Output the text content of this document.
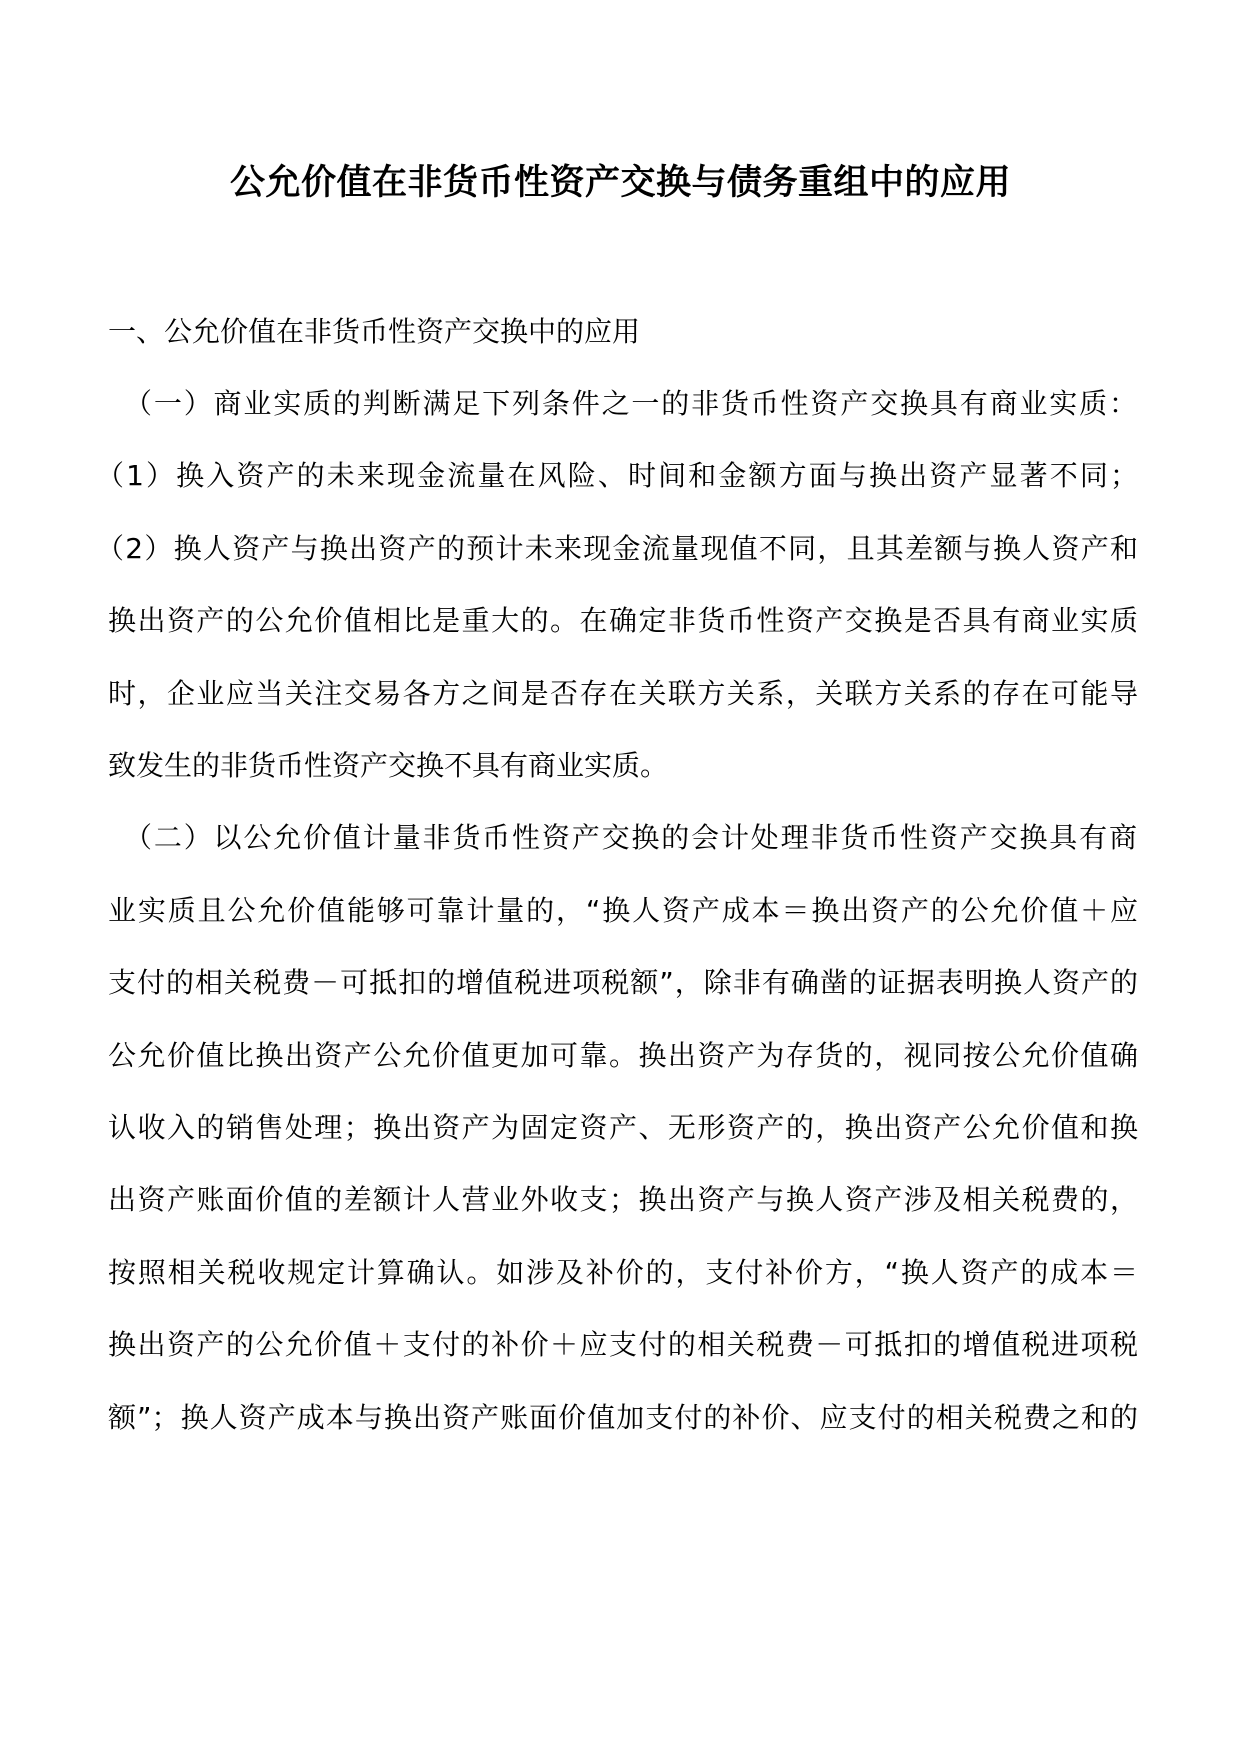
公允价值在非货币性资产交换与债务重组中的应用

一、公允价值在非货币性资产交换中的应用

（一）商业实质的判断满足下列条件之一的非货币性资产交换具有商业实质：

（1）换入资产的未来现金流量在风险、时间和金额方面与换出资产显著不同；

（2）换人资产与换出资产的预计未来现金流量现值不同，且其差额与换人资产和

换出资产的公允价值相比是重大的。在确定非货币性资产交换是否具有商业实质

时，企业应当关注交易各方之间是否存在关联方关系，关联方关系的存在可能导

致发生的非货币性资产交换不具有商业实质。

（二）以公允价值计量非货币性资产交换的会计处理非货币性资产交换具有商

业实质且公允价值能够可靠计量的，“换人资产成本＝换出资产的公允价值＋应

支付的相关税费－可抵扣的增值税进项税额”，除非有确凿的证据表明换人资产的

公允价值比换出资产公允价值更加可靠。换出资产为存货的，视同按公允价值确

认收入的销售处理；换出资产为固定资产、无形资产的，换出资产公允价值和换

出资产账面价值的差额计人营业外收支；换出资产与换人资产涉及相关税费的，

按照相关税收规定计算确认。如涉及补价的，支付补价方，“换人资产的成本＝

换出资产的公允价值＋支付的补价＋应支付的相关税费－可抵扣的增值税进项税

额”；换人资产成本与换出资产账面价值加支付的补价、应支付的相关税费之和的
